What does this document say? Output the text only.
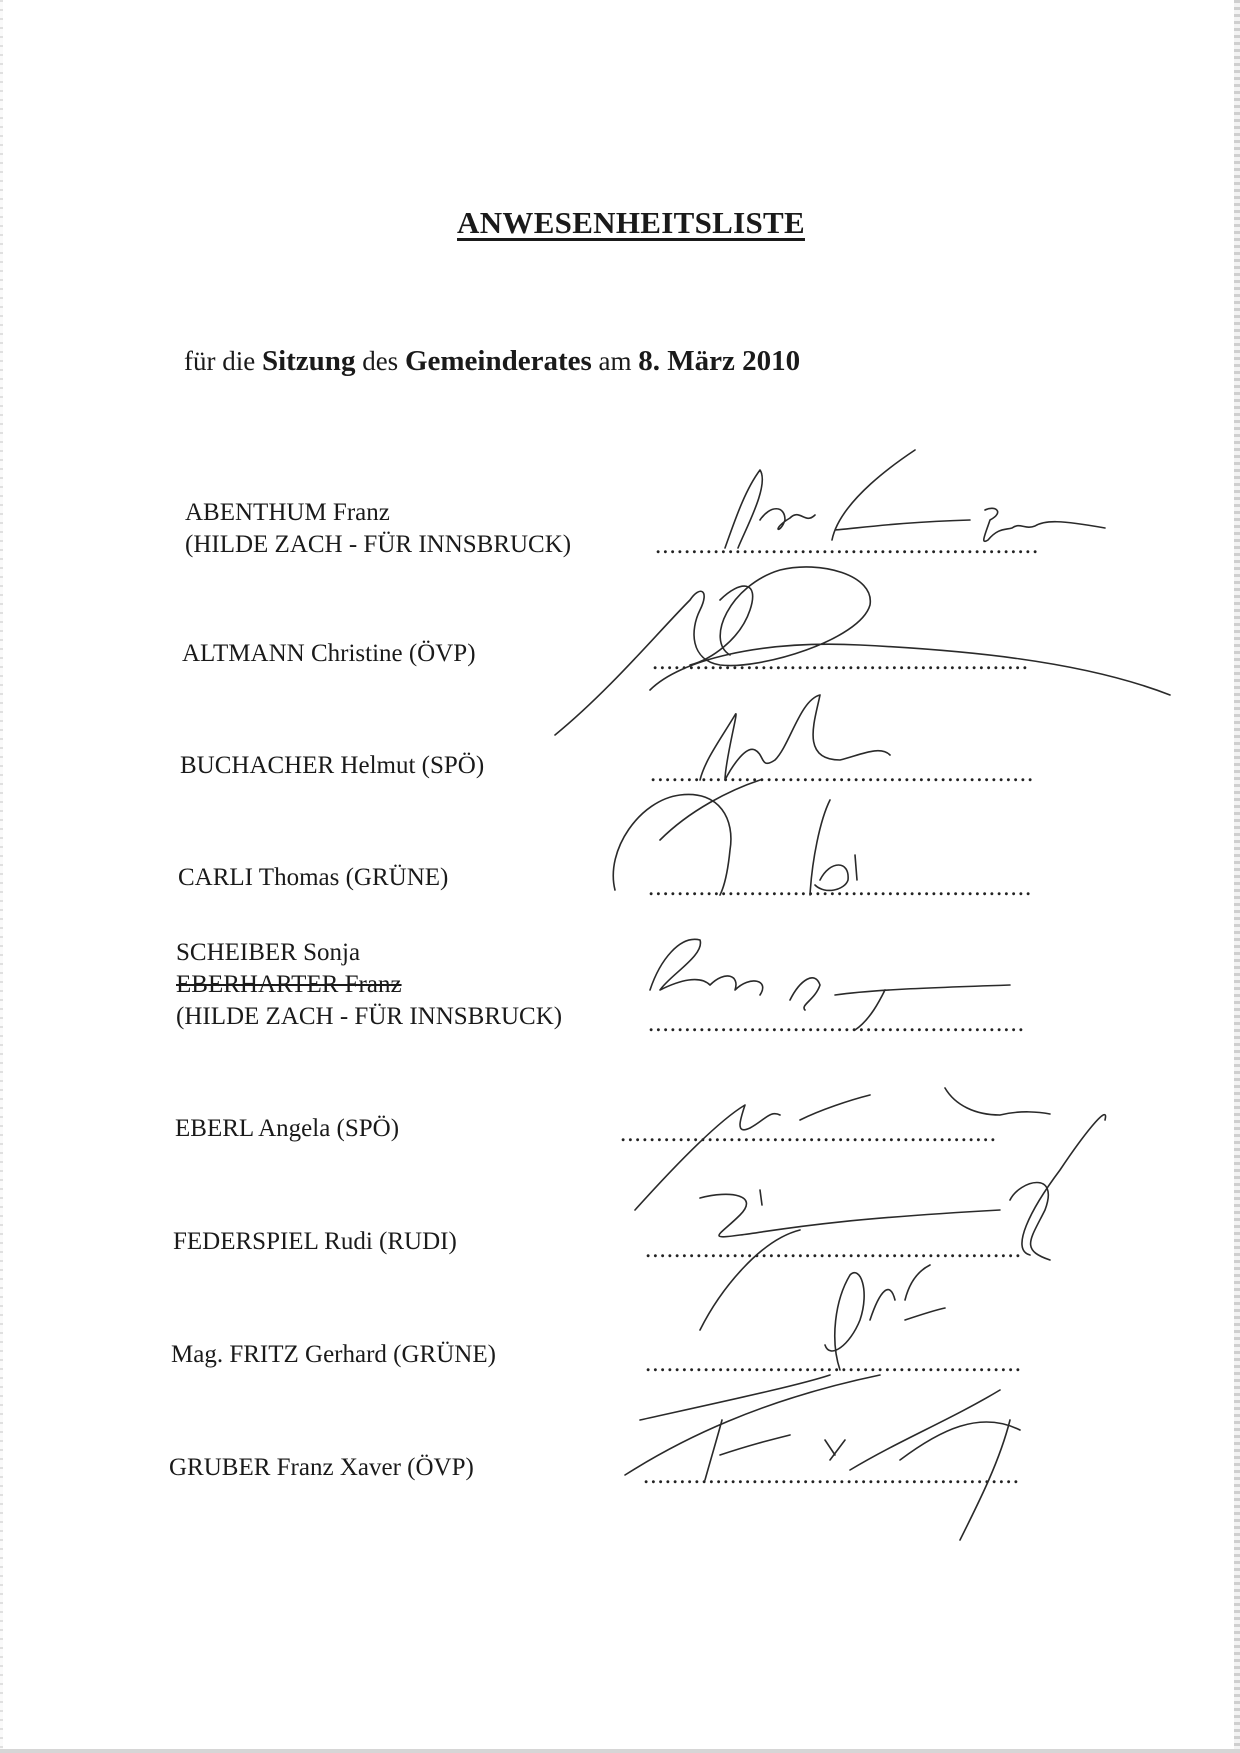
ANWESENHEITSLISTE
für die Sitzung des Gemeinderates am 8. März 2010
ABENTHUM Franz
(HILDE ZACH - FÜR INNSBRUCK)	.....................................................
ALTMANN Christine (ÖVP)	....................................................
BUCHACHER Helmut (SPÖ)	.....................................................
CARLI Thomas (GRÜNE)	.....................................................
SCHEIBER Sonja
EBERHARTER Franz
(HILDE ZACH - FÜR INNSBRUCK)	....................................................
EBERL Angela (SPÖ)	....................................................
FEDERSPIEL Rudi (RUDI)	....................................................
Mag. FRITZ Gerhard (GRÜNE)	....................................................
GRUBER Franz Xaver (ÖVP)	....................................................
